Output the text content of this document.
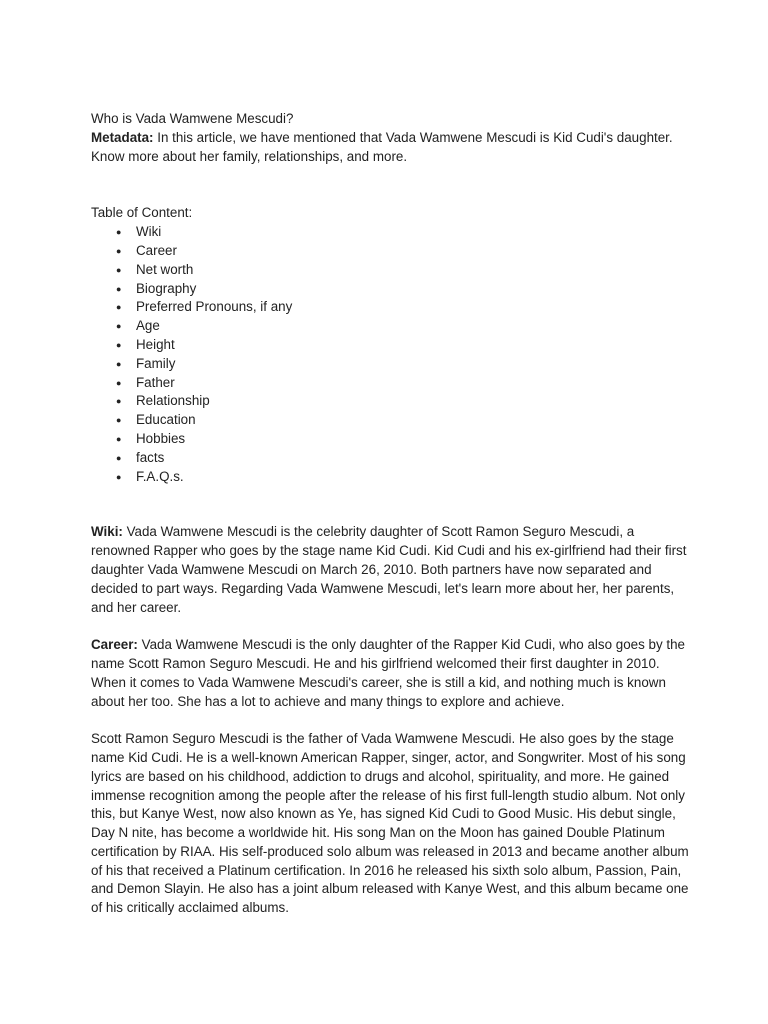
Who is Vada Wamwene Mescudi?

Metadata: In this article, we have mentioned that Vada Wamwene Mescudi is Kid Cudi's daughter. Know more about her family, relationships, and more.

Table of Content:

● Wiki
● Career
● Net worth
● Biography
● Preferred Pronouns, if any
● Age
● Height
● Family
● Father
● Relationship
● Education
● Hobbies
● facts
● F.A.Q.s.

Wiki: Vada Wamwene Mescudi is the celebrity daughter of Scott Ramon Seguro Mescudi, a renowned Rapper who goes by the stage name Kid Cudi. Kid Cudi and his ex-girlfriend had their first daughter Vada Wamwene Mescudi on March 26, 2010. Both partners have now separated and decided to part ways. Regarding Vada Wamwene Mescudi, let's learn more about her, her parents, and her career.

Career: Vada Wamwene Mescudi is the only daughter of the Rapper Kid Cudi, who also goes by the name Scott Ramon Seguro Mescudi. He and his girlfriend welcomed their first daughter in 2010. When it comes to Vada Wamwene Mescudi's career, she is still a kid, and nothing much is known about her too. She has a lot to achieve and many things to explore and achieve.

Scott Ramon Seguro Mescudi is the father of Vada Wamwene Mescudi. He also goes by the stage name Kid Cudi. He is a well-known American Rapper, singer, actor, and Songwriter. Most of his song lyrics are based on his childhood, addiction to drugs and alcohol, spirituality, and more. He gained immense recognition among the people after the release of his first full-length studio album. Not only this, but Kanye West, now also known as Ye, has signed Kid Cudi to Good Music. His debut single, Day N nite, has become a worldwide hit. His song Man on the Moon has gained Double Platinum certification by RIAA. His self-produced solo album was released in 2013 and became another album of his that received a Platinum certification. In 2016 he released his sixth solo album, Passion, Pain, and Demon Slayin. He also has a joint album released with Kanye West, and this album became one of his critically acclaimed albums.
